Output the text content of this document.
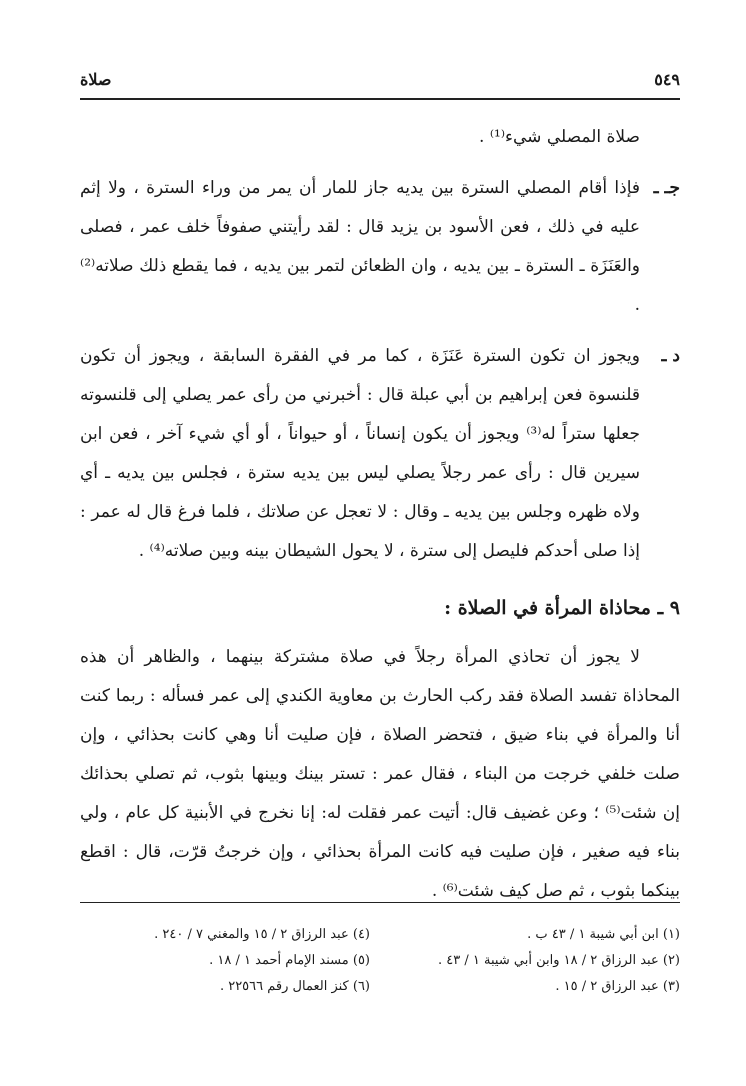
٥٤٩
صلاة

صلاة المصلي شيء⁽¹⁾ .

جـ ـ
فإذا أقام المصلي السترة بين يديه جاز للمار أن يمر من وراء السترة ، ولا إثم عليه في ذلك ، فعن الأسود بن يزيد قال : لقد رأيتني صفوفاً خلف عمر ، فصلى والعَنَزَة ـ السترة ـ بين يديه ، وان الظعائن لتمر بين يديه ، فما يقطع ذلك صلاته⁽²⁾ .
د ـ
ويجوز ان تكون السترة عَنَزَة ، كما مر في الفقرة السابقة ، ويجوز أن تكون قلنسوة فعن إبراهيم بن أبي عبلة قال : أخبرني من رأى عمر يصلي إلى قلنسوته جعلها ستراً له⁽³⁾ ويجوز أن يكون إنساناً ، أو حيواناً ، أو أي شيء آخر ، فعن ابن سيرين قال : رأى عمر رجلاً يصلي ليس بين يديه سترة ، فجلس بين يديه ـ أي ولاه ظهره وجلس بين يديه ـ وقال : لا تعجل عن صلاتك ، فلما فرغ قال له عمر : إذا صلى أحدكم فليصل إلى سترة ، لا يحول الشيطان بينه وبين صلاته⁽⁴⁾ .
٩ ـ محاذاة المرأة في الصلاة :

لا يجوز أن تحاذي المرأة رجلاً في صلاة مشتركة بينهما ، والظاهر أن هذه المحاذاة تفسد الصلاة فقد ركب الحارث بن معاوية الكندي إلى عمر فسأله : ربما كنت أنا والمرأة في بناء ضيق ، فتحضر الصلاة ، فإن صليت أنا وهي كانت بحذائي ، وإن صلت خلفي خرجت من البناء ، فقال عمر : تستر بينك وبينها بثوب، ثم تصلي بحذائك إن شئت⁽⁵⁾ ؛ وعن غضيف قال: أتيت عمر فقلت له: إنا نخرج في الأبنية كل عام ، ولي بناء فيه صغير ، فإن صليت فيه كانت المرأة بحذائي ، وإن خرجتُ قرّت، قال : اقطع بينكما بثوب ، ثم صل كيف شئت⁽⁶⁾ .

(١) ابن أبي شيبة ١ / ٤٣ ب .
(٢) عبد الرزاق ٢ / ١٨ وابن أبي شيبة ١ / ٤٣ .
(٣) عبد الرزاق ٢ / ١٥ .
(٤) عبد الرزاق ٢ / ١٥ والمغني ٧ / ٢٤٠ .
(٥) مسند الإمام أحمد ١ / ١٨ .
(٦) كنز العمال رقم ٢٢٥٦٦ .
